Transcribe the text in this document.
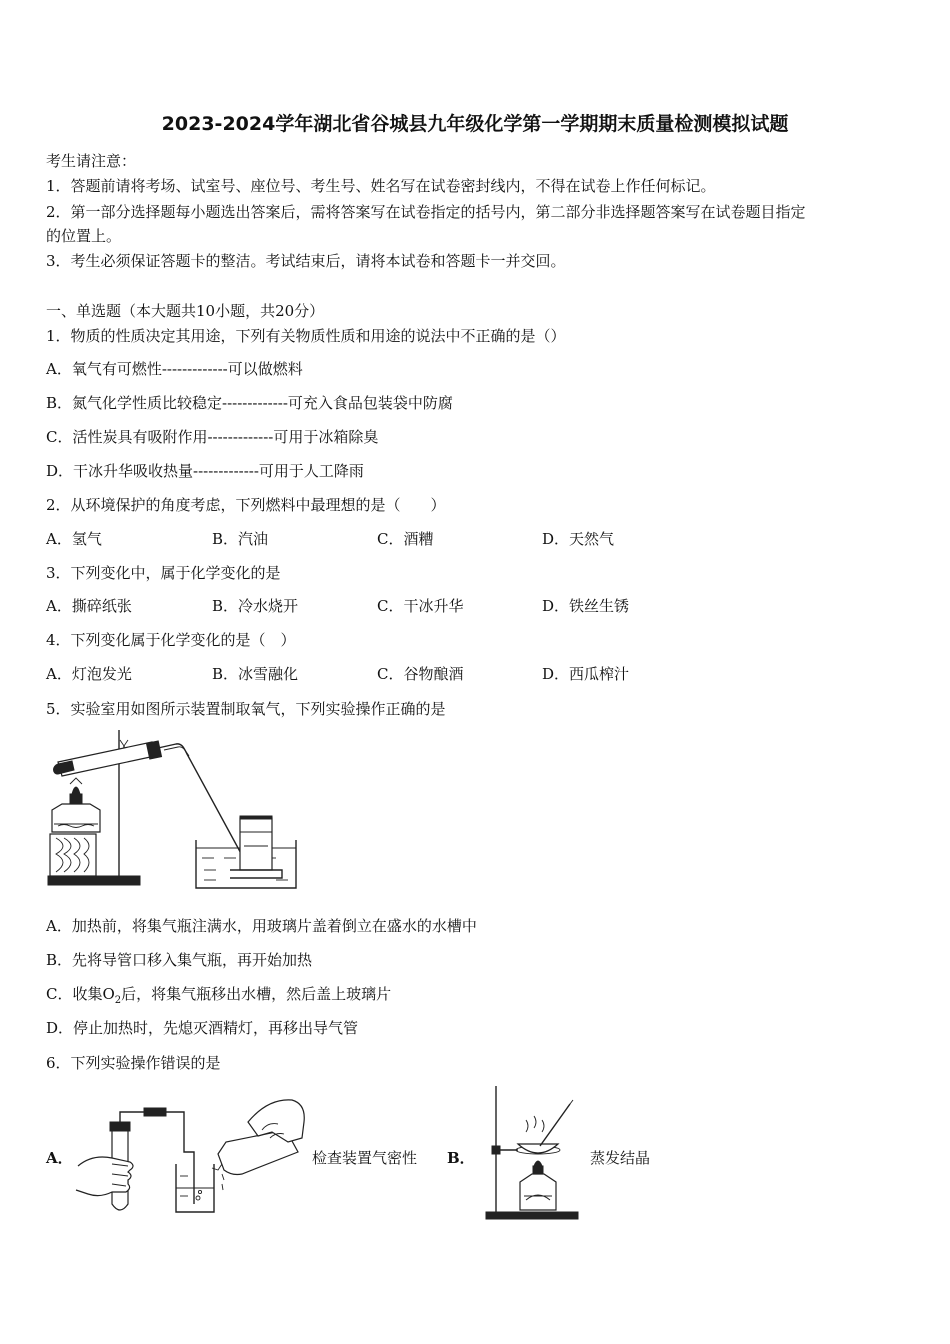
2023-2024学年湖北省谷城县九年级化学第一学期期末质量检测模拟试题
考生请注意：
1．答题前请将考场、试室号、座位号、考生号、姓名写在试卷密封线内，不得在试卷上作任何标记。
2．第一部分选择题每小题选出答案后，需将答案写在试卷指定的括号内，第二部分非选择题答案写在试卷题目指定
的位置上。
3．考生必须保证答题卡的整洁。考试结束后，请将本试卷和答题卡一并交回。
一、单选题（本大题共10小题，共20分）
1．物质的性质决定其用途，下列有关物质性质和用途的说法中不正确的是（）
A．氧气有可燃性-------------可以做燃料
B．氮气化学性质比较稳定-------------可充入食品包装袋中防腐
C．活性炭具有吸附作用-------------可用于冰箱除臭
D．干冰升华吸收热量-------------可用于人工降雨
2．从环境保护的角度考虑，下列燃料中最理想的是（　　）
A．氢气	B．汽油	C．酒糟	D．天然气
3．下列变化中，属于化学变化的是
A．撕碎纸张	B．冷水烧开	C．干冰升华	D．铁丝生锈
4．下列变化属于化学变化的是（　）
A．灯泡发光	B．冰雪融化	C．谷物酿酒	D．西瓜榨汁
5．实验室用如图所示装置制取氧气，下列实验操作正确的是
A．加热前，将集气瓶注满水，用玻璃片盖着倒立在盛水的水槽中
B．先将导管口移入集气瓶，再开始加热
C．收集$O_2$后，将集气瓶移出水槽，然后盖上玻璃片
D．停止加热时，先熄灭酒精灯，再移出导气管
6．下列实验操作错误的是
A．	检查装置气密性 B．	蒸发结晶
